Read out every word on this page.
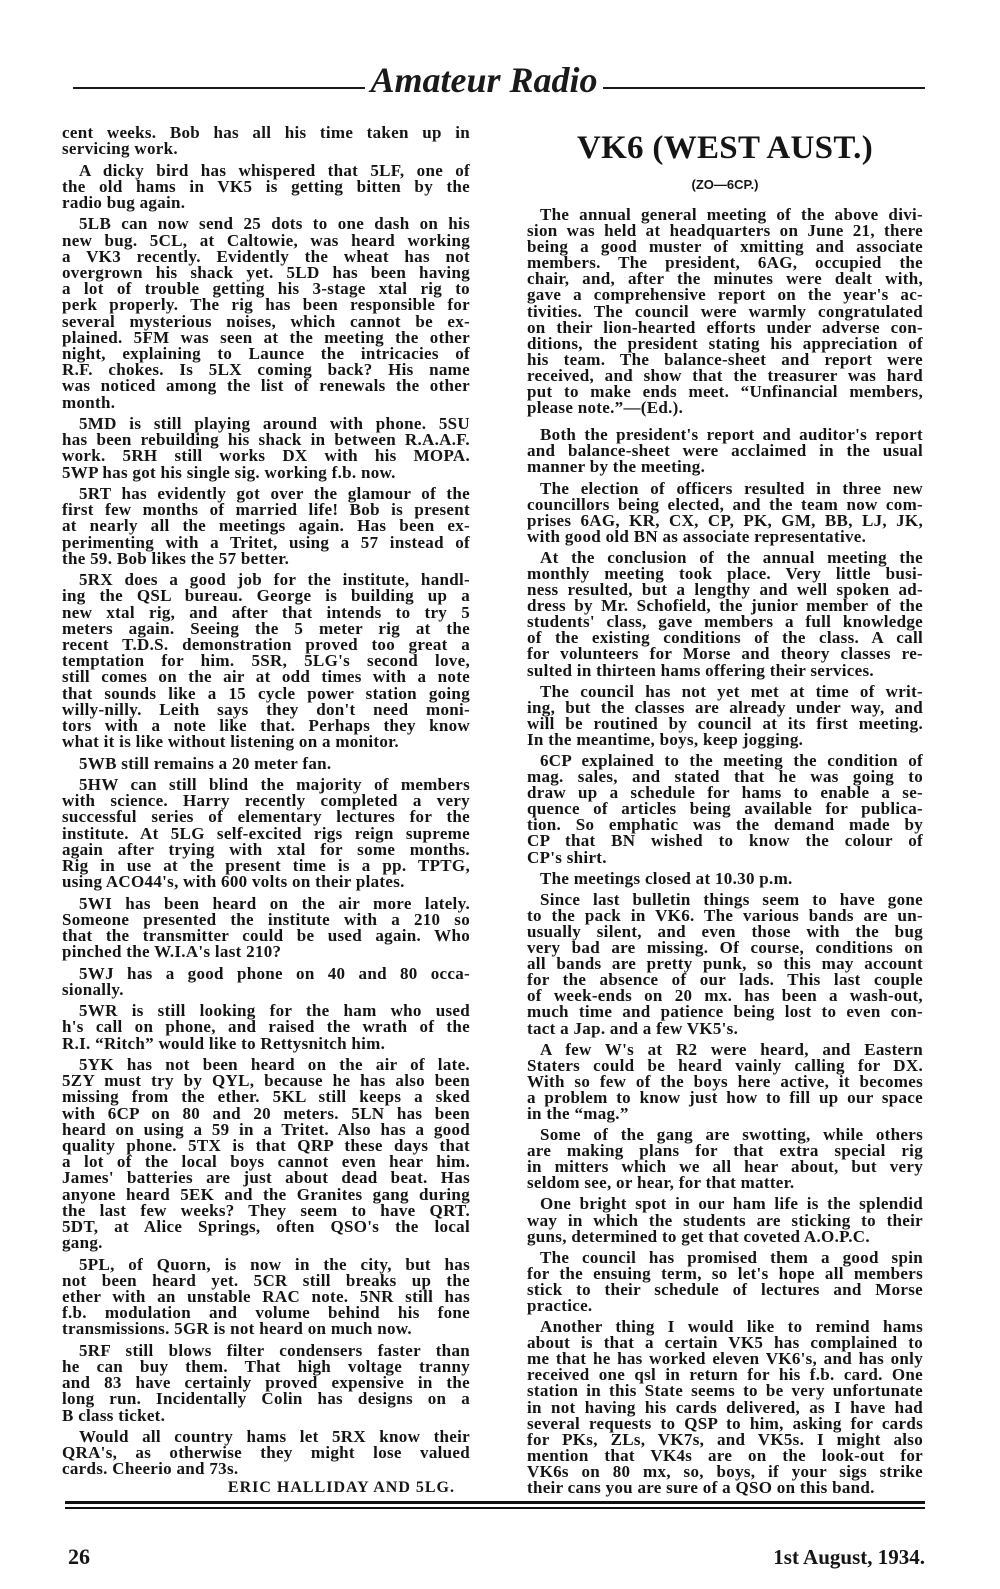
Amateur Radio
cent weeks. Bob has all his time taken up in
servicing work.
A dicky bird has whispered that 5LF, one of
the old hams in VK5 is getting bitten by the
radio bug again.
5LB can now send 25 dots to one dash on his
new bug. 5CL, at Caltowie, was heard working
a VK3 recently. Evidently the wheat has not
overgrown his shack yet. 5LD has been having
a lot of trouble getting his 3-stage xtal rig to
perk properly. The rig has been responsible for
several mysterious noises, which cannot be ex-
plained. 5FM was seen at the meeting the other
night, explaining to Launce the intricacies of
R.F. chokes. Is 5LX coming back? His name
was noticed among the list of renewals the other
month.
5MD is still playing around with phone. 5SU
has been rebuilding his shack in between R.A.A.F.
work. 5RH still works DX with his MOPA.
5WP has got his single sig. working f.b. now.
5RT has evidently got over the glamour of the
first few months of married life! Bob is present
at nearly all the meetings again. Has been ex-
perimenting with a Tritet, using a 57 instead of
the 59. Bob likes the 57 better.
5RX does a good job for the institute, handl-
ing the QSL bureau. George is building up a
new xtal rig, and after that intends to try 5
meters again. Seeing the 5 meter rig at the
recent T.D.S. demonstration proved too great a
temptation for him. 5SR, 5LG's second love,
still comes on the air at odd times with a note
that sounds like a 15 cycle power station going
willy-nilly. Leith says they don't need moni-
tors with a note like that. Perhaps they know
what it is like without listening on a monitor.
5WB still remains a 20 meter fan.
5HW can still blind the majority of members
with science. Harry recently completed a very
successful series of elementary lectures for the
institute. At 5LG self-excited rigs reign supreme
again after trying with xtal for some months.
Rig in use at the present time is a pp. TPTG,
using ACO44's, with 600 volts on their plates.
5WI has been heard on the air more lately.
Someone presented the institute with a 210 so
that the transmitter could be used again. Who
pinched the W.I.A's last 210?
5WJ has a good phone on 40 and 80 occa-
sionally.
5WR is still looking for the ham who used
h's call on phone, and raised the wrath of the
R.I. “Ritch” would like to Rettysnitch him.
5YK has not been heard on the air of late.
5ZY must try by QYL, because he has also been
missing from the ether. 5KL still keeps a sked
with 6CP on 80 and 20 meters. 5LN has been
heard on using a 59 in a Tritet. Also has a good
quality phone. 5TX is that QRP these days that
a lot of the local boys cannot even hear him.
James' batteries are just about dead beat. Has
anyone heard 5EK and the Granites gang during
the last few weeks? They seem to have QRT.
5DT, at Alice Springs, often QSO's the local
gang.
5PL, of Quorn, is now in the city, but has
not been heard yet. 5CR still breaks up the
ether with an unstable RAC note. 5NR still has
f.b. modulation and volume behind his fone
transmissions. 5GR is not heard on much now.
5RF still blows filter condensers faster than
he can buy them. That high voltage tranny
and 83 have certainly proved expensive in the
long run. Incidentally Colin has designs on a
B class ticket.
Would all country hams let 5RX know their
QRA's, as otherwise they might lose valued
cards. Cheerio and 73s.
ERIC HALLIDAY AND 5LG.
VK6 (WEST AUST.)
(ZO—6CP.)
The annual general meeting of the above divi-
sion was held at headquarters on June 21, there
being a good muster of xmitting and associate
members. The president, 6AG, occupied the
chair, and, after the minutes were dealt with,
gave a comprehensive report on the year's ac-
tivities. The council were warmly congratulated
on their lion-hearted efforts under adverse con-
ditions, the president stating his appreciation of
his team. The balance-sheet and report were
received, and show that the treasurer was hard
put to make ends meet. “Unfinancial members,
please note.”—(Ed.).
Both the president's report and auditor's report
and balance-sheet were acclaimed in the usual
manner by the meeting.
The election of officers resulted in three new
councillors being elected, and the team now com-
prises 6AG, KR, CX, CP, PK, GM, BB, LJ, JK,
with good old BN as associate representative.
At the conclusion of the annual meeting the
monthly meeting took place. Very little busi-
ness resulted, but a lengthy and well spoken ad-
dress by Mr. Schofield, the junior member of the
students' class, gave members a full knowledge
of the existing conditions of the class. A call
for volunteers for Morse and theory classes re-
sulted in thirteen hams offering their services.
The council has not yet met at time of writ-
ing, but the classes are already under way, and
will be routined by council at its first meeting.
In the meantime, boys, keep jogging.
6CP explained to the meeting the condition of
mag. sales, and stated that he was going to
draw up a schedule for hams to enable a se-
quence of articles being available for publica-
tion. So emphatic was the demand made by
CP that BN wished to know the colour of
CP's shirt.
The meetings closed at 10.30 p.m.
Since last bulletin things seem to have gone
to the pack in VK6. The various bands are un-
usually silent, and even those with the bug
very bad are missing. Of course, conditions on
all bands are pretty punk, so this may account
for the absence of our lads. This last couple
of week-ends on 20 mx. has been a wash-out,
much time and patience being lost to even con-
tact a Jap. and a few VK5's.
A few W's at R2 were heard, and Eastern
Staters could be heard vainly calling for DX.
With so few of the boys here active, it becomes
a problem to know just how to fill up our space
in the “mag.”
Some of the gang are swotting, while others
are making plans for that extra special rig
in mitters which we all hear about, but very
seldom see, or hear, for that matter.
One bright spot in our ham life is the splendid
way in which the students are sticking to their
guns, determined to get that coveted A.O.P.C.
The council has promised them a good spin
for the ensuing term, so let's hope all members
stick to their schedule of lectures and Morse
practice.
Another thing I would like to remind hams
about is that a certain VK5 has complained to
me that he has worked eleven VK6's, and has only
received one qsl in return for his f.b. card. One
station in this State seems to be very unfortunate
in not having his cards delivered, as I have had
several requests to QSP to him, asking for cards
for PKs, ZLs, VK7s, and VK5s. I might also
mention that VK4s are on the look-out for
VK6s on 80 mx, so, boys, if your sigs strike
their cans you are sure of a QSO on this band.
26	1st August, 1934.
